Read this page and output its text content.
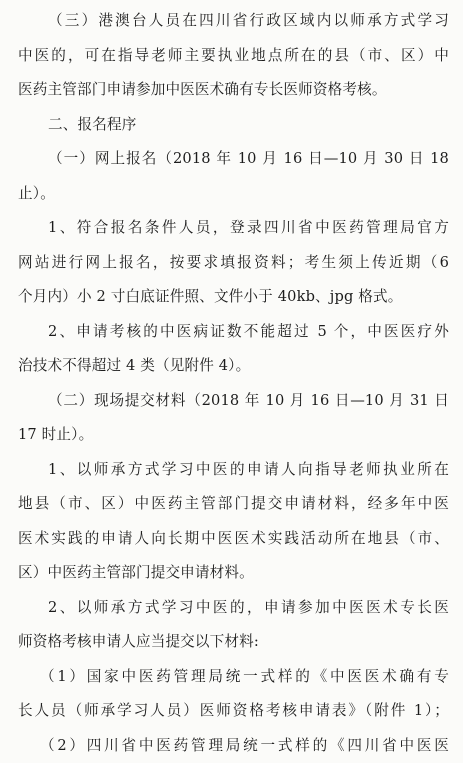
（三）港澳台人员在四川省行政区域内以师承方式学习
中医的，可在指导老师主要执业地点所在的县（市、区）中
医药主管部门申请参加中医医术确有专长医师资格考核。
二、报名程序
（一）网上报名（2018 年 10 月 16 日—10 月 30 日 18
止）。
1、符合报名条件人员，登录四川省中医药管理局官方
网站进行网上报名，按要求填报资料；考生须上传近期（6
个月内）小 2 寸白底证件照、文件小于 40kb、jpg 格式。
2、申请考核的中医病证数不能超过 5 个，中医医疗外
治技术不得超过 4 类（见附件 4）。
（二）现场提交材料（2018 年 10 月 16 日—10 月 31 日
17 时止）。
1、以师承方式学习中医的申请人向指导老师执业所在
地县（市、区）中医药主管部门提交申请材料，经多年中医
医术实践的申请人向长期中医医术实践活动所在地县（市、
区）中医药主管部门提交申请材料。
2、以师承方式学习中医的，申请参加中医医术专长医
师资格考核申请人应当提交以下材料:
（1）国家中医药管理局统一式样的《中医医术确有专
长人员（师承学习人员）医师资格考核申请表》（附件 1）；
（2）四川省中医药管理局统一式样的《四川省中医医
